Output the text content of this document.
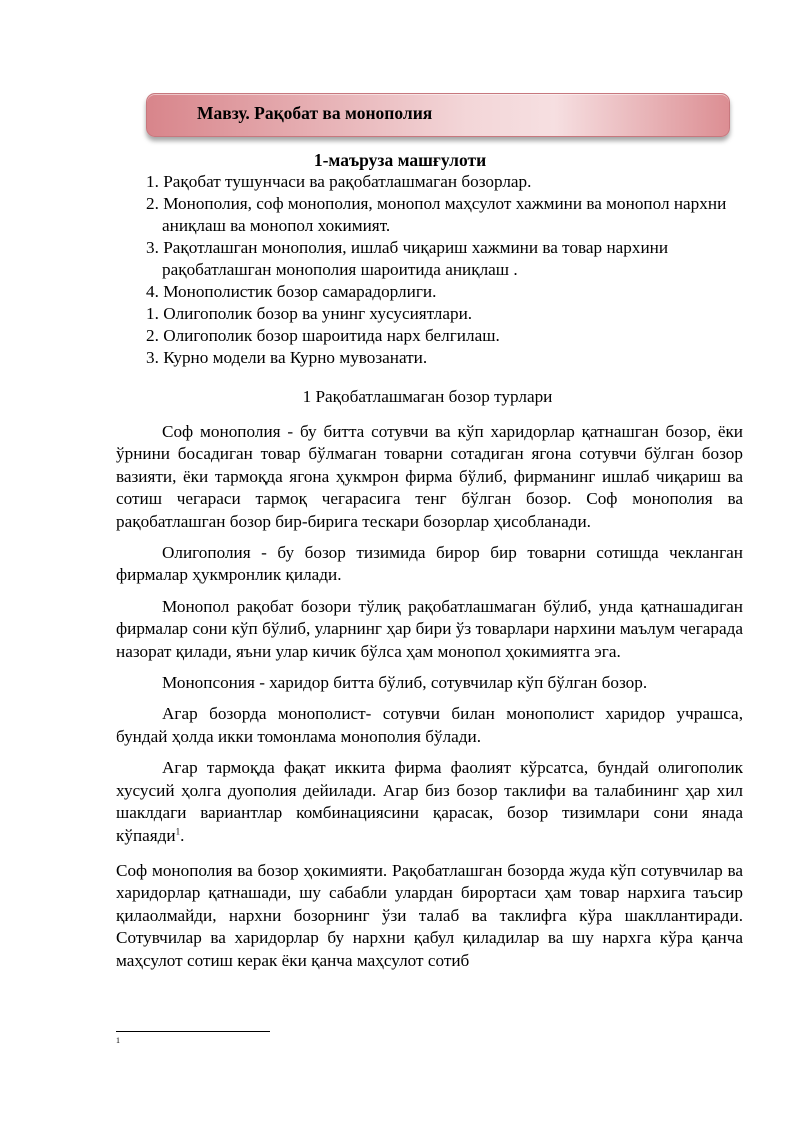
Мавзу. Рақобат ва монополия
1-маъруза машғулоти
1. Рақобат тушунчаси ва рақобатлашмаган бозорлар.
2. Монополия, соф монополия, монопол маҳсулот хажмини ва монопол нархни аниқлаш ва монопол хокимият.
3. Рақотлашган монополия, ишлаб чиқариш хажмини ва товар нархини рақобатлашган монополия шароитида аниқлаш .
4. Монополистик бозор самарадорлиги.
1. Олигополик бозор ва унинг хусусиятлари.
2. Олигополик бозор шароитида нарх белгилаш.
3. Курно модели ва Курно мувозанати.
1 Рақобатлашмаган бозор турлари

Соф монополия - бу битта сотувчи ва кўп харидорлар қатнашган бозор, ёки ўрнини босадиган товар бўлмаган товарни сотадиган ягона сотувчи бўлган бозор вазияти, ёки тармоқда ягона ҳукмрон фирма бўлиб, фирманинг ишлаб чиқариш ва сотиш чегараси тармоқ чегарасига тенг бўлган бозор. Соф монополия ва рақобатлашган бозор бир-бирига тескари бозорлар ҳисобланади.

Олигополия - бу бозор тизимида бирор бир товарни сотишда чекланган фирмалар ҳукмронлик қилади.

Монопол рақобат бозори тўлиқ рақобатлашмаган бўлиб, унда қатнашадиган фирмалар сони кўп бўлиб, уларнинг ҳар бири ўз товарлари нархини маълум чегарада назорат қилади, яъни улар кичик бўлса ҳам монопол ҳокимиятга эга.

Монопсония - харидор битта бўлиб, сотувчилар кўп бўлган бозор.

Агар бозорда монополист- сотувчи билан монополист харидор учрашса, бундай ҳолда икки томонлама монополия бўлади.

Агар тармоқда фақат иккита фирма фаолият кўрсатса, бундай олигополик хусусий ҳолга дуополия дейилади. Агар биз бозор таклифи ва талабининг ҳар хил шаклдаги вариантлар комбинациясини қарасак, бозор тизимлари сони янада кўпаяди$^1$.

Соф монополия ва бозор ҳокимияти. Рақобатлашган бозорда жуда кўп сотувчилар ва харидорлар қатнашади, шу сабабли улардан бирортаси ҳам товар нархига таъсир қилаолмайди, нархни бозорнинг ўзи талаб ва таклифга кўра шакллантиради. Сотувчилар ва харидорлар бу нархни қабул қиладилар ва шу нархга кўра қанча маҳсулот сотиш керак ёки қанча маҳсулот сотиб

1
